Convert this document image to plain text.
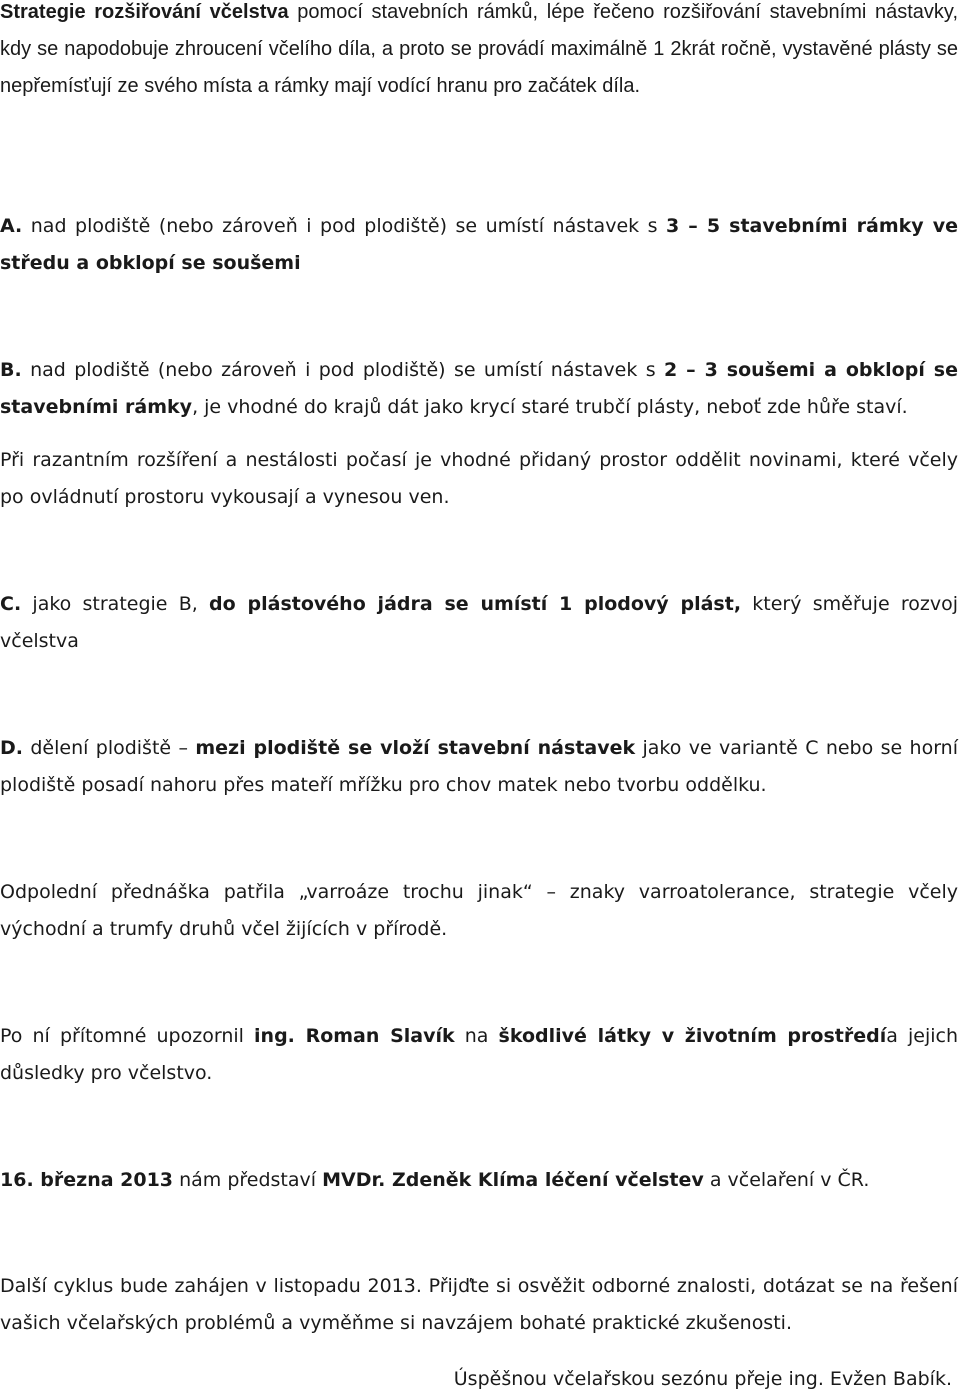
Strategie rozšiřování včelstva pomocí stavebních rámků, lépe řečeno rozšiřování stavebními nástavky, kdy se napodobuje zhroucení včelího díla, a proto se provádí maximálně 1 2krát ročně, vystavěné plásty se nepřemísťují ze svého místa a rámky mají vodící hranu pro začátek díla.

A. nad plodiště (nebo zároveň i pod plodiště) se umístí nástavek s 3 – 5 stavebními rámky ve středu a obklopí se soušemi

B. nad plodiště (nebo zároveň i pod plodiště) se umístí nástavek s 2 – 3 soušemi a obklopí se stavebními rámky, je vhodné do krajů dát jako krycí staré trubčí plásty, neboť zde hůře staví.

Při razantním rozšíření a nestálosti počasí je vhodné přidaný prostor oddělit novinami, které včely po ovládnutí prostoru vykousají a vynesou ven.

C. jako strategie B, do plástového jádra se umístí 1 plodový plást, který směřuje rozvoj včelstva

D. dělení plodiště – mezi plodiště se vloží stavební nástavek jako ve variantě C nebo se horní plodiště posadí nahoru přes mateří mřížku pro chov matek nebo tvorbu oddělku.

Odpolední přednáška patřila „varroáze trochu jinak“ – znaky varroatolerance, strategie včely východní a trumfy druhů včel žijících v přírodě.

Po ní přítomné upozornil ing. Roman Slavík na škodlivé látky v životním prostředía jejich důsledky pro včelstvo.

16. března 2013 nám představí MVDr. Zdeněk Klíma léčení včelstev a včelaření v ČR.

Další cyklus bude zahájen v listopadu 2013. Přijďte si osvěžit odborné znalosti, dotázat se na řešení vašich včelařských problémů a vyměňme si navzájem bohaté praktické zkušenosti.

Úspěšnou včelařskou sezónu přeje ing. Evžen Babík.
